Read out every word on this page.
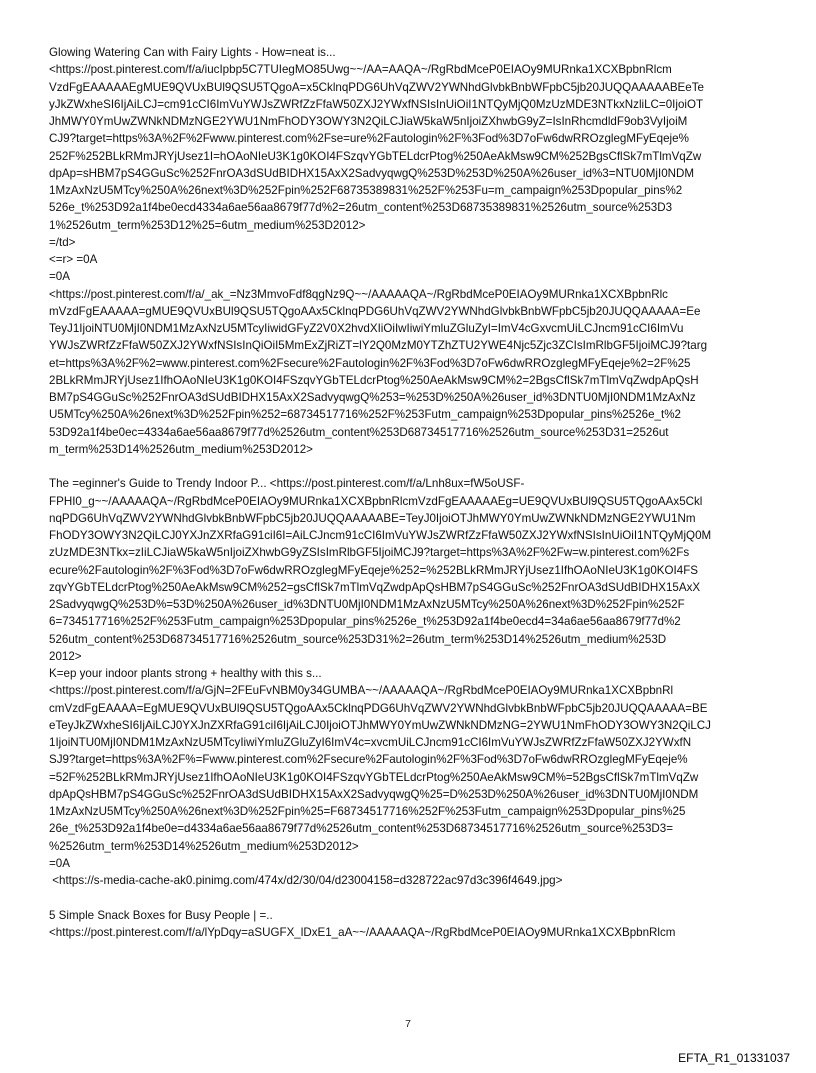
Glowing Watering Can with Fairy Lights - How=neat is...
<https://post.pinterest.com/f/a/iucIpbp5C7TUIegMO85Uwg~~/AA=AAQA~/RgRbdMceP0EIAOy9MURnka1XCXBpbnRlcm
VzdFgEAAAAAEgMUE9QVUxBUl9QSU5TQgoA=x5CklnqPDG6UhVqZWV2YWNhdGlvbkBnbWFpbC5jb20JUQQAAAAABEeTe
yJkZWxheSI6IjAiLCJ=cm91cCI6ImVuYWJsZWRfZzFfaW50ZXJ2YWxfNSIsInUiOiI1NTQyMjQ0MzUzMDE3NTkxNzliLC=0IjoiOT
JhMWY0YmUwZWNkNDMzNGE2YWU1NmFhODY3OWY3N2QiLCJiaW5kaW5nIjoiZXhwbG9yZ=IsInRhcmdldF9ob3VyIjoiM
CJ9?target=https%3A%2F%2Fwww.pinterest.com%2Fse=ure%2Fautologin%2F%3Fod%3D7oFw6dwRROzglegMFyEqeje%
252F%252BLkRMmJRYjUsez1I=hOAoNIeU3K1g0KOI4FSzqvYGbTELdcrPtog%250AeAkMsw9CM%252BgsCflSk7mTlmVqZw
dpAp=sHBM7pS4GGuSc%252FnrOA3dSUdBIDHX15AxX2SadvyqwgQ%253D%253D%250A%26user_id%3=NTU0MjI0NDM
1MzAxNzU5MTcy%250A%26next%3D%252Fpin%252F68735389831%252F%253Fu=m_campaign%253Dpopular_pins%2
526e_t%253D92a1f4be0ecd4334a6ae56aa8679f77d%2=26utm_content%253D68735389831%2526utm_source%253D3
1%2526utm_term%253D12%25=6utm_medium%253D2012>
=/td>
<=r> =0A
=0A
<https://post.pinterest.com/f/a/_ak_=Nz3MmvoFdf8qgNz9Q~~/AAAAAQA~/RgRbdMceP0EIAOy9MURnka1XCXBpbnRlc
mVzdFgEAAAAA=gMUE9QVUxBUl9QSU5TQgoAAx5CklnqPDG6UhVqZWV2YWNhdGlvbkBnbWFpbC5jb20JUQQAAAAA=Ee
TeyJ1IjoiNTU0MjI0NDM1MzAxNzU5MTcyIiwidGFyZ2V0X2hvdXIiOiIwIiwiYmluZGluZyI=ImV4cGxvcmUiLCJncm91cCI6ImVu
YWJsZWRfZzFfaW50ZXJ2YWxfNSIsInQiOiI5MmExZjRiZT=lY2Q0MzM0YTZhZTU2YWE4Njc5Zjc3ZCIsImRlbGF5IjoiMCJ9?targ
et=https%3A%2F%2=www.pinterest.com%2Fsecure%2Fautologin%2F%3Fod%3D7oFw6dwRROzglegMFyEqeje%2=2F%25
2BLkRMmJRYjUsez1IfhOAoNIeU3K1g0KOI4FSzqvYGbTELdcrPtog%250AeAkMsw9CM%2=2BgsCflSk7mTlmVqZwdpApQsH
BM7pS4GGuSc%252FnrOA3dSUdBIDHX15AxX2SadvyqwgQ%253=%253D%250A%26user_id%3DNTU0MjI0NDM1MzAxNz
U5MTcy%250A%26next%3D%252Fpin%252=68734517716%252F%253Futm_campaign%253Dpopular_pins%2526e_t%2
53D92a1f4be0ec=4334a6ae56aa8679f77d%2526utm_content%253D68734517716%2526utm_source%253D31=2526ut
m_term%253D14%2526utm_medium%253D2012>
The =eginner's Guide to Trendy Indoor P... <https://post.pinterest.com/f/a/Lnh8ux=fW5oUSF-
FPHI0_g~~/AAAAAQA~/RgRbdMceP0EIAOy9MURnka1XCXBpbnRlcmVzdFgEAAAAAEg=UE9QVUxBUl9QSU5TQgoAAx5Ckl
nqPDG6UhVqZWV2YWNhdGlvbkBnbWFpbC5jb20JUQQAAAAABE=TeyJ0IjoiOTJhMWY0YmUwZWNkNDMzNGE2YWU1Nm
FhODY3OWY3N2QiLCJ0YXJnZXRfaG91ciI6I=AiLCJncm91cCI6ImVuYWJsZWRfZzFfaW50ZXJ2YWxfNSIsInUiOiI1NTQyMjQ0M
zUzMDE3NTkx=zIiLCJiaW5kaW5nIjoiZXhwbG9yZSIsImRlbGF5IjoiMCJ9?target=https%3A%2F%2Fw=w.pinterest.com%2Fs
ecure%2Fautologin%2F%3Fod%3D7oFw6dwRROzglegMFyEqeje%252=%252BLkRMmJRYjUsez1IfhOAoNIeU3K1g0KOI4FS
zqvYGbTELdcrPtog%250AeAkMsw9CM%252=gsCflSk7mTlmVqZwdpApQsHBM7pS4GGuSc%252FnrOA3dSUdBIDHX15AxX
2SadvyqwgQ%253D%=53D%250A%26user_id%3DNTU0MjI0NDM1MzAxNzU5MTcy%250A%26next%3D%252Fpin%252F
6=734517716%252F%253Futm_campaign%253Dpopular_pins%2526e_t%253D92a1f4be0ecd4=34a6ae56aa8679f77d%2
526utm_content%253D68734517716%2526utm_source%253D31%2=26utm_term%253D14%2526utm_medium%253D
2012>
K=ep your indoor plants strong + healthy with this s...
<https://post.pinterest.com/f/a/GjN=2FEuFvNBM0y34GUMBA~~/AAAAAQA~/RgRbdMceP0EIAOy9MURnka1XCXBpbnRl
cmVzdFgEAAAA=EgMUE9QVUxBUl9QSU5TQgoAAx5CklnqPDG6UhVqZWV2YWNhdGlvbkBnbWFpbC5jb20JUQQAAAAA=BE
eTeyJkZWxheSI6IjAiLCJ0YXJnZXRfaG91ciI6IjAiLCJ0IjoiOTJhMWY0YmUwZWNkNDMzNG=2YWU1NmFhODY3OWY3N2QiLCJ
1IjoiNTU0MjI0NDM1MzAxNzU5MTcyIiwiYmluZGluZyI6ImV4c=xvcmUiLCJncm91cCI6ImVuYWJsZWRfZzFfaW50ZXJ2YWxfN
SJ9?target=https%3A%2F%=Fwww.pinterest.com%2Fsecure%2Fautologin%2F%3Fod%3D7oFw6dwRROzglegMFyEqeje%
=52F%252BLkRMmJRYjUsez1IfhOAoNIeU3K1g0KOI4FSzqvYGbTELdcrPtog%250AeAkMsw9CM%=52BgsCflSk7mTlmVqZw
dpApQsHBM7pS4GGuSc%252FnrOA3dSUdBIDHX15AxX2SadvyqwgQ%25=D%253D%250A%26user_id%3DNTU0MjI0NDM
1MzAxNzU5MTcy%250A%26next%3D%252Fpin%25=F68734517716%252F%253Futm_campaign%253Dpopular_pins%25
26e_t%253D92a1f4be0e=d4334a6ae56aa8679f77d%2526utm_content%253D68734517716%2526utm_source%253D3=
%2526utm_term%253D14%2526utm_medium%253D2012>
=0A
<https://s-media-cache-ak0.pinimg.com/474x/d2/30/04/d23004158=d328722ac97d3c396f4649.jpg>
5 Simple Snack Boxes for Busy People | =..
<https://post.pinterest.com/f/a/lYpDqy=aSUGFX_lDxE1_aA~~/AAAAAQA~/RgRbdMceP0EIAOy9MURnka1XCXBpbnRlcm
7
EFTA_R1_01331037
